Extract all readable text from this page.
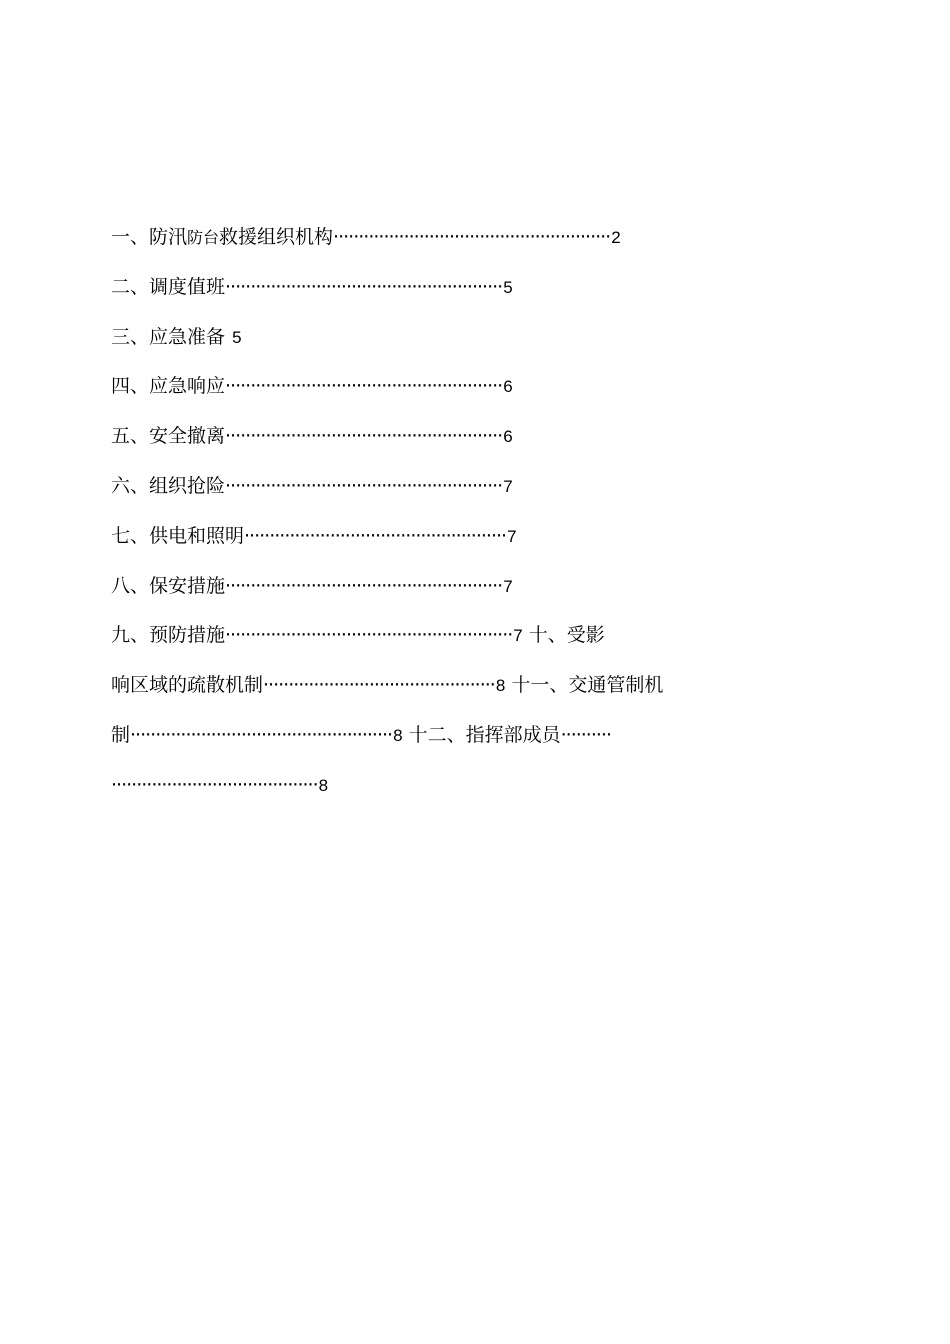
一、防汛防台救援组织机构·······················································2
二、调度值班·······················································5
三、应急准备 5
四、应急响应·······················································6
五、安全撤离·······················································6
六、组织抢险·······················································7
七、供电和照明····················································7
八、保安措施·······················································7
九、预防措施·························································7 十、受影
响区域的疏散机制··············································8 十一、交通管制机
制····················································8 十二、指挥部成员··········
·········································8
